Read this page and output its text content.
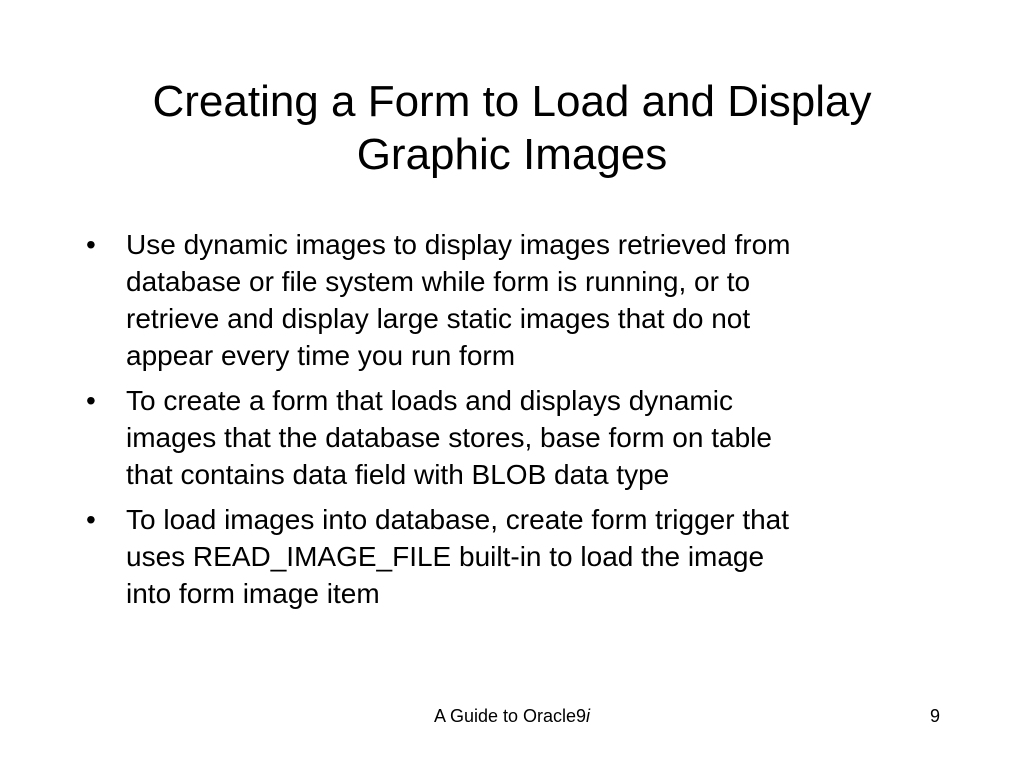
Creating a Form to Load and Display
Graphic Images
•	Use dynamic images to display images retrieved from
database or file system while form is running, or to
retrieve and display large static images that do not
appear every time you run form
•	To create a form that loads and displays dynamic
images that the database stores, base form on table
that contains data field with BLOB data type
•	To load images into database, create form trigger that
uses READ_IMAGE_FILE built-in to load the image
into form image item
A Guide to Oracle9i	9
